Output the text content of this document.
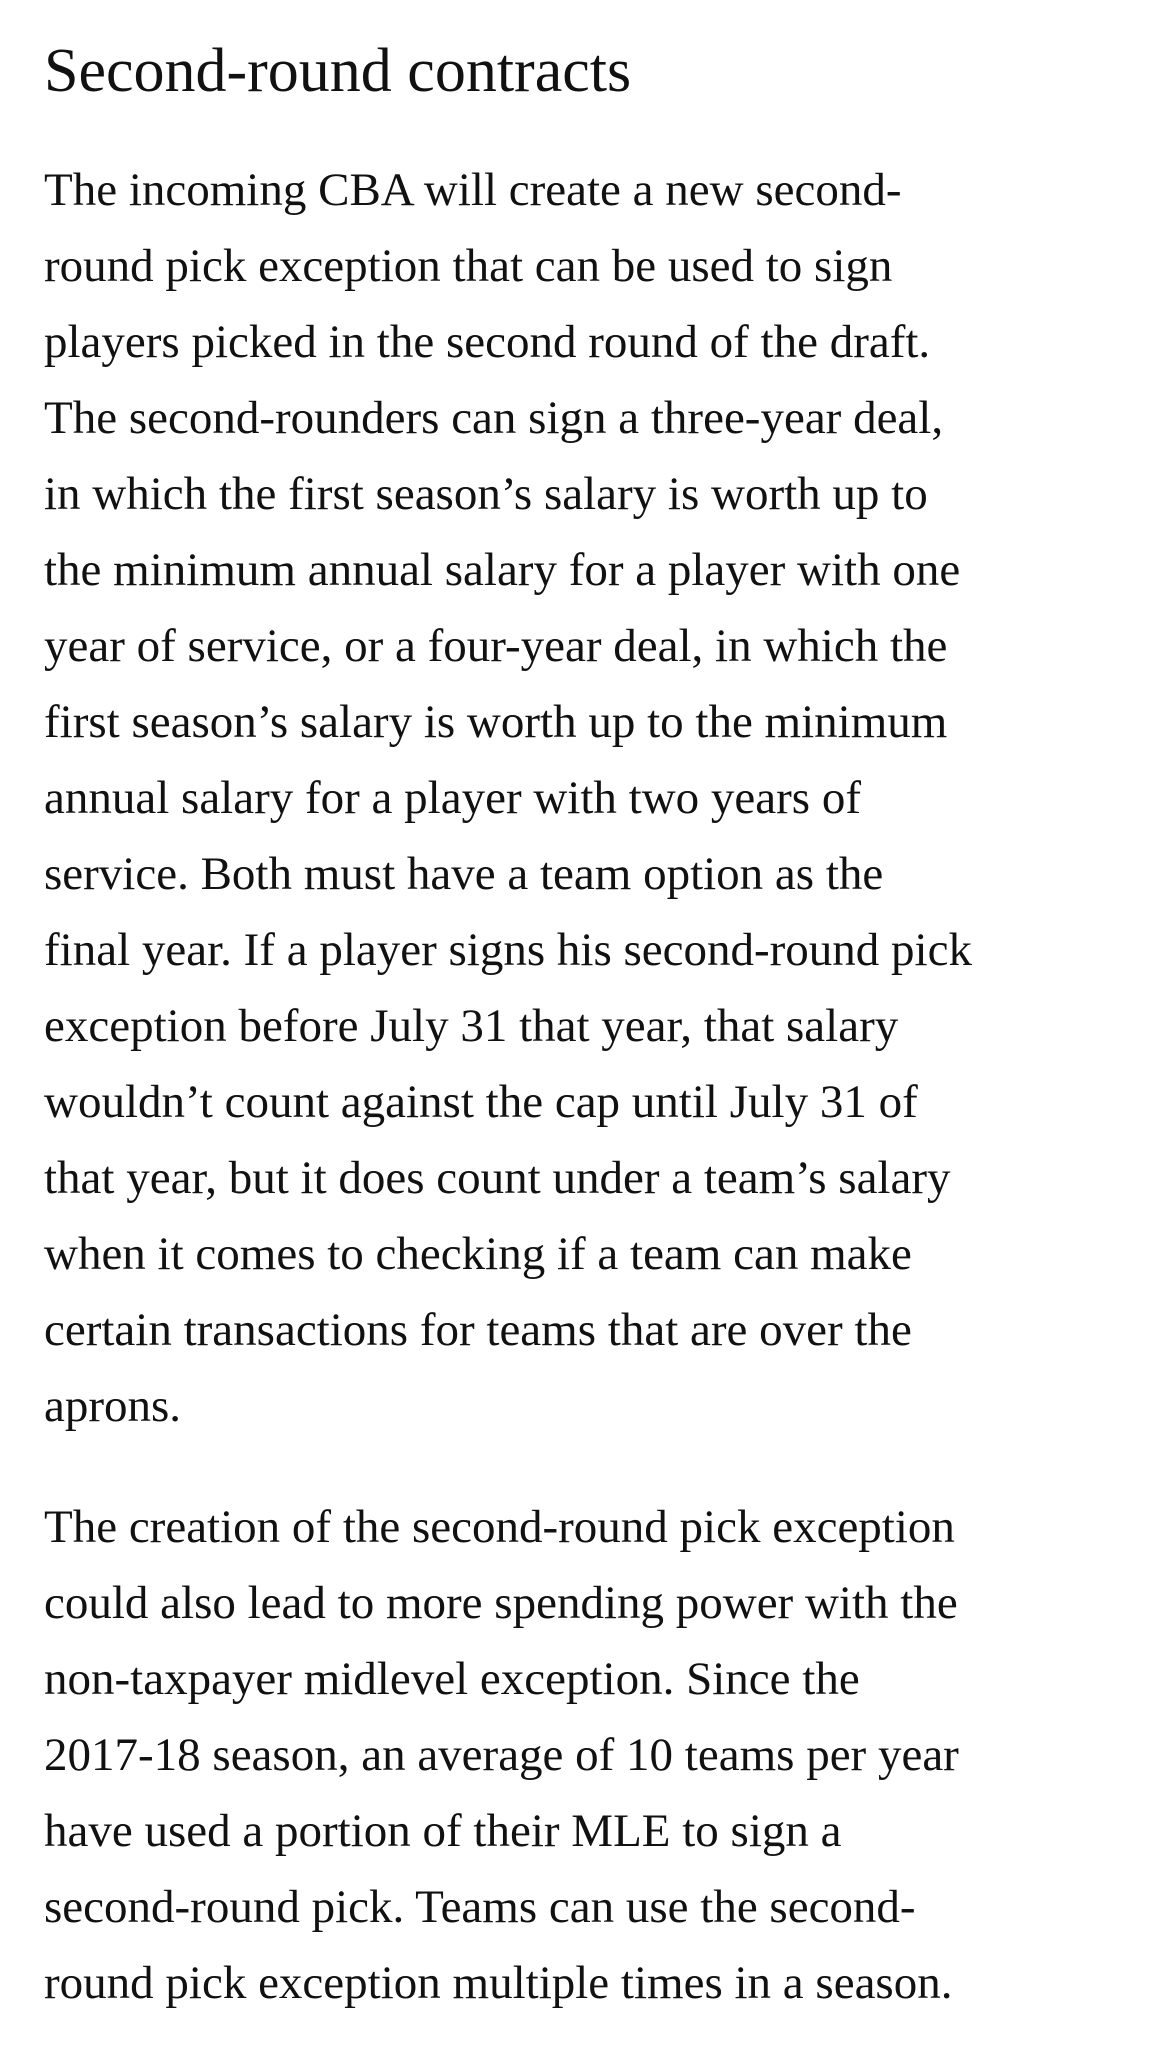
Second-round contracts

The incoming CBA will create a new second-
round pick exception that can be used to sign
players picked in the second round of the draft.
The second-rounders can sign a three-year deal,
in which the first season’s salary is worth up to
the minimum annual salary for a player with one
year of service, or a four-year deal, in which the
first season’s salary is worth up to the minimum
annual salary for a player with two years of
service. Both must have a team option as the
final year. If a player signs his second-round pick
exception before July 31 that year, that salary
wouldn’t count against the cap until July 31 of
that year, but it does count under a team’s salary
when it comes to checking if a team can make
certain transactions for teams that are over the
aprons.

The creation of the second-round pick exception
could also lead to more spending power with the
non-taxpayer midlevel exception. Since the
2017-18 season, an average of 10 teams per year
have used a portion of their MLE to sign a
second-round pick. Teams can use the second-
round pick exception multiple times in a season.
